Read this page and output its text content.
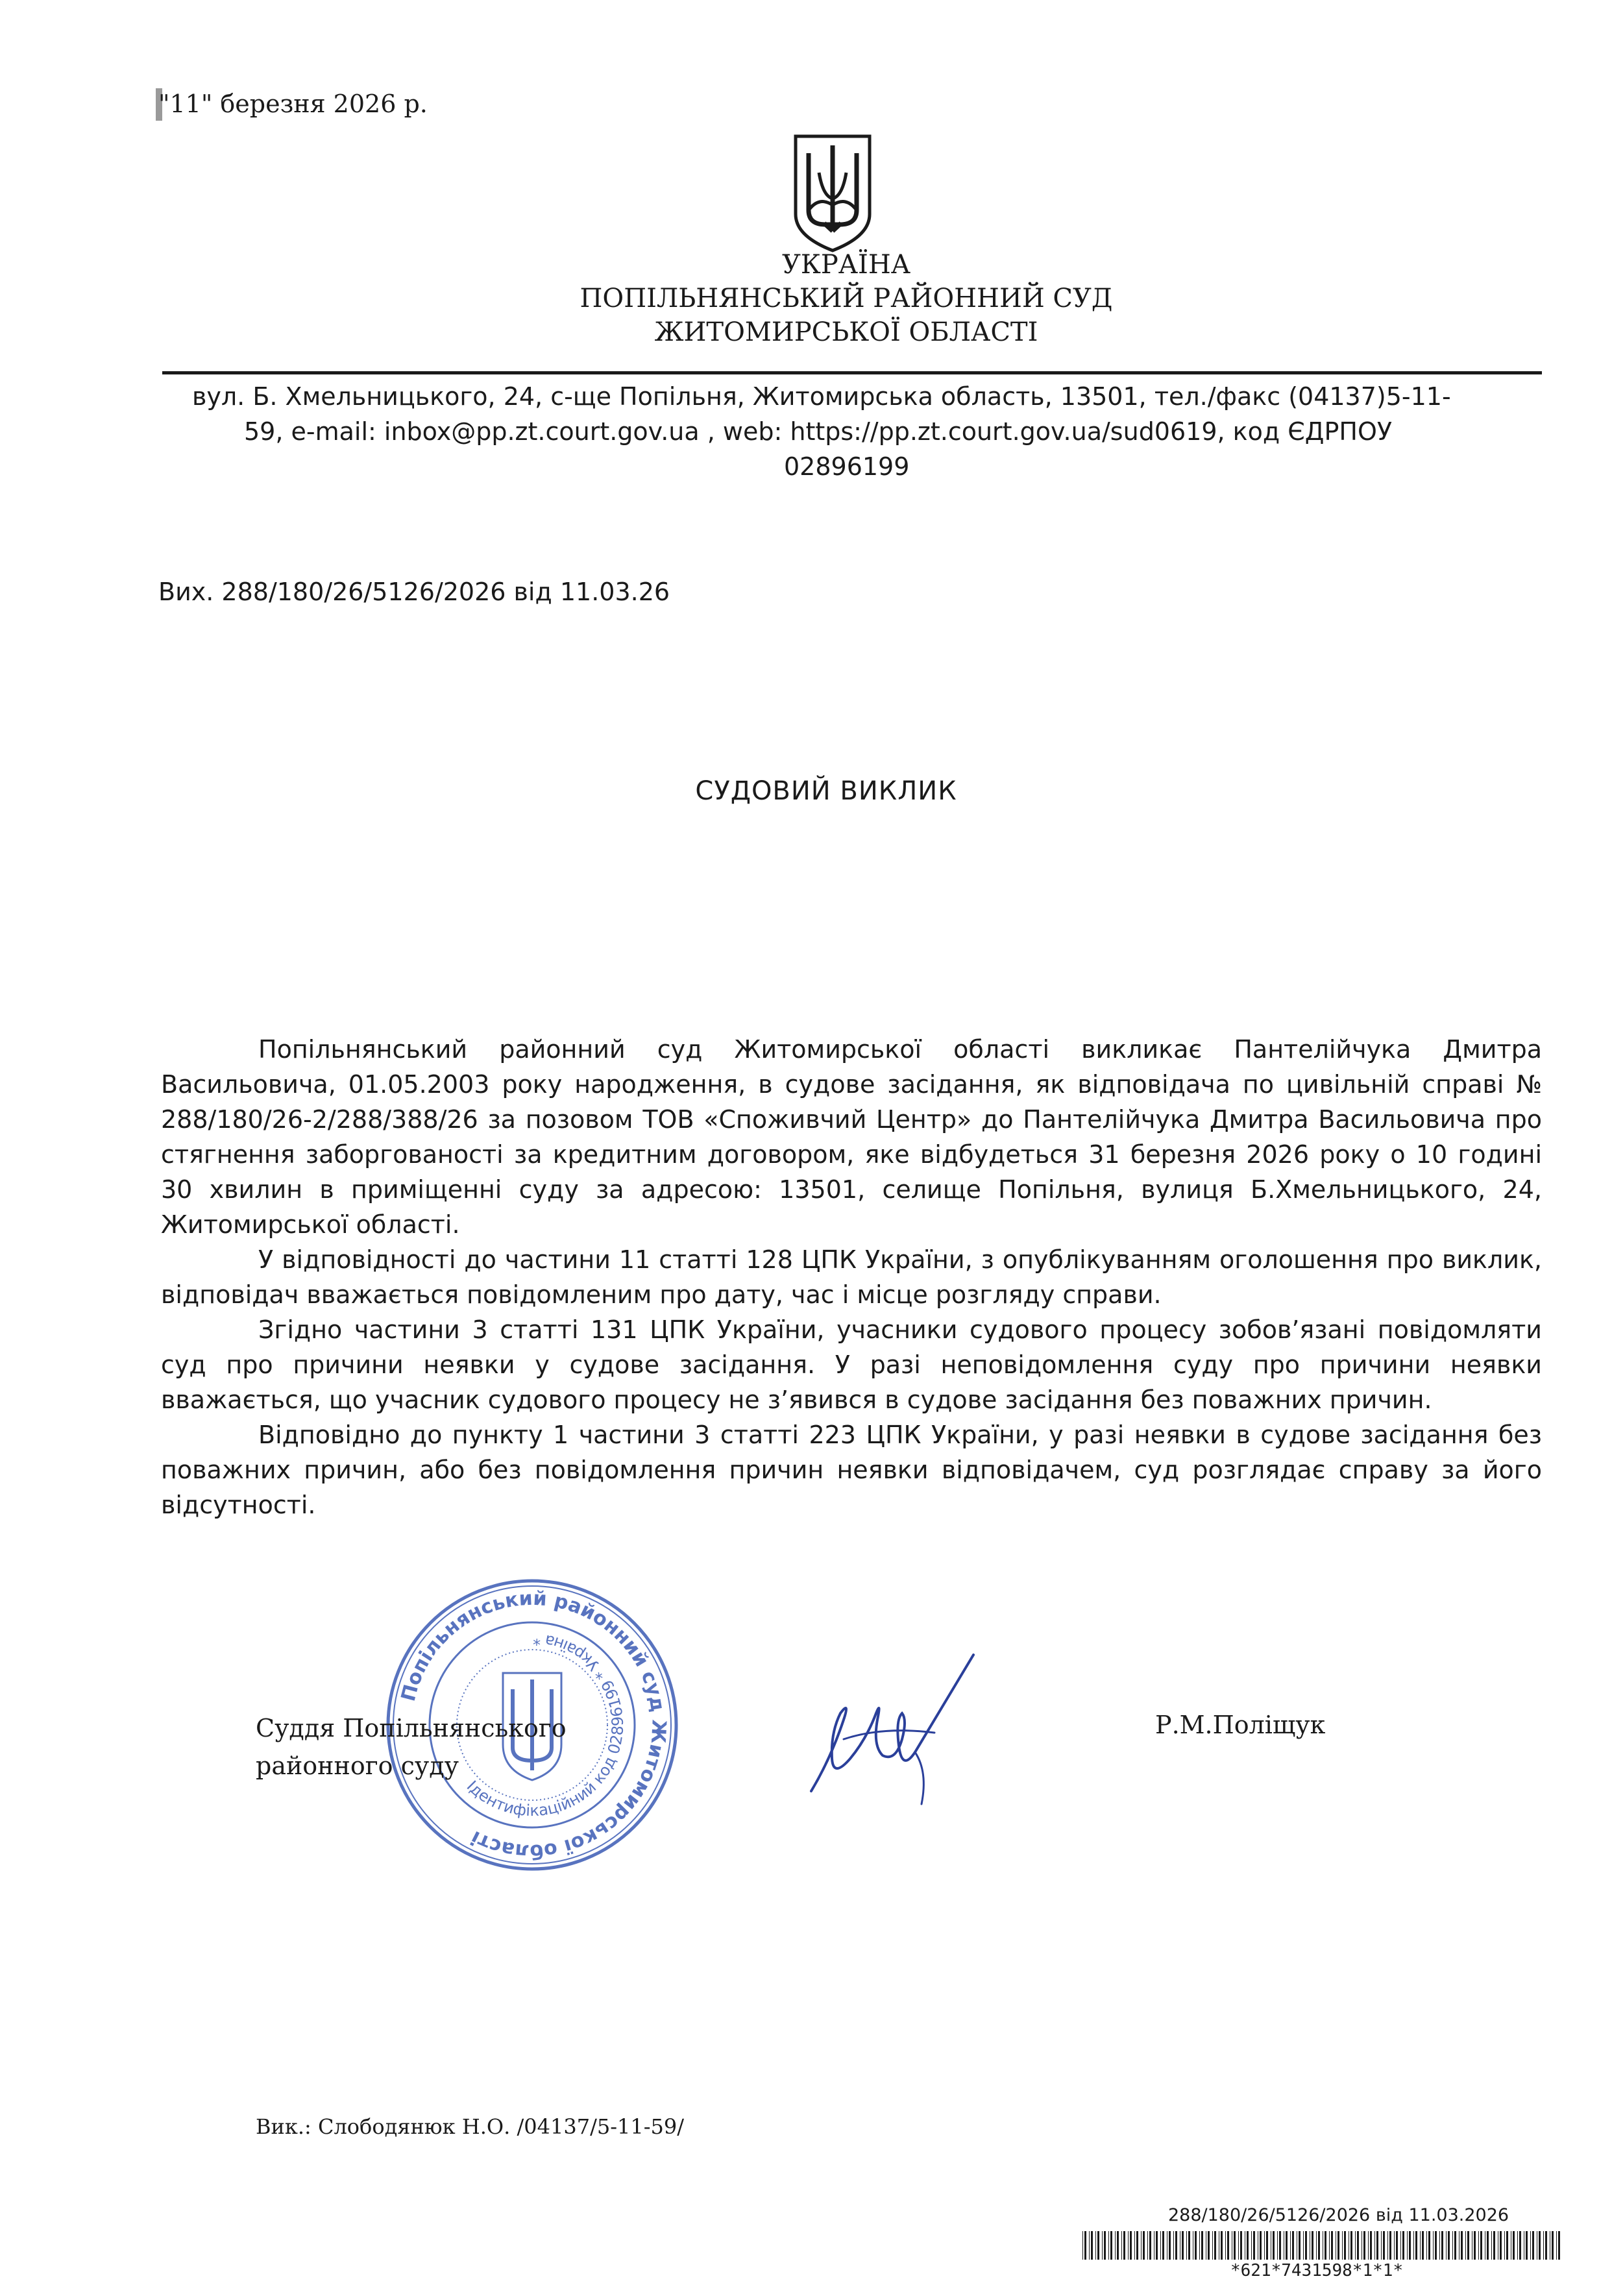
"11" березня 2026 р.
УКРАЇНА
ПОПІЛЬНЯНСЬКИЙ РАЙОННИЙ СУД
ЖИТОМИРСЬКОЇ ОБЛАСТІ
вул. Б. Хмельницького, 24, с-ще Попільня, Житомирська область, 13501, тел./факс (04137)5-11-
59, e-mail: inbox@pp.zt.court.gov.ua , web: https://pp.zt.court.gov.ua/sud0619, код ЄДРПОУ
02896199
Вих. 288/180/26/5126/2026 від 11.03.26
СУДОВИЙ ВИКЛИК

Попільнянський районний суд Житомирської області викликає Пантелійчука Дмитра Васильовича, 01.05.2003 року народження, в судове засідання, як відповідача по цивільній справі № 288/180/26-2/288/388/26 за позовом ТОВ «Споживчий Центр» до Пантелійчука Дмитра Васильовича про стягнення заборгованості за кредитним договором, яке відбудеться 31 березня 2026 року о 10 годині 30 хвилин в приміщенні суду за адресою: 13501, селище Попільня, вулиця Б.Хмельницького, 24, Житомирської області.

У відповідності до частини 11 статті 128 ЦПК України, з опублікуванням оголошення про виклик, відповідач вважається повідомленим про дату, час і місце розгляду справи.

Згідно частини 3 статті 131 ЦПК України, учасники судового процесу зобов’язані повідомляти суд про причини неявки у судове засідання. У разі неповідомлення суду про причини неявки вважається, що учасник судового процесу не з’явився в судове засідання без поважних причин.

Відповідно до пункту 1 частини 3 статті 223 ЦПК України, у разі неявки в судове засідання без поважних причин, або без повідомлення причин неявки відповідачем, суд розглядає справу за його відсутності.

Попільнянський районний суд Житомирської області
Ідентифікаційний код 02896199 * Україна *
Суддя Попільнянського
районного суду
Р.М.Поліщук
Вик.: Слободянюк Н.О. /04137/5-11-59/
288/180/26/5126/2026 від 11.03.2026
*621*7431598*1*1*
